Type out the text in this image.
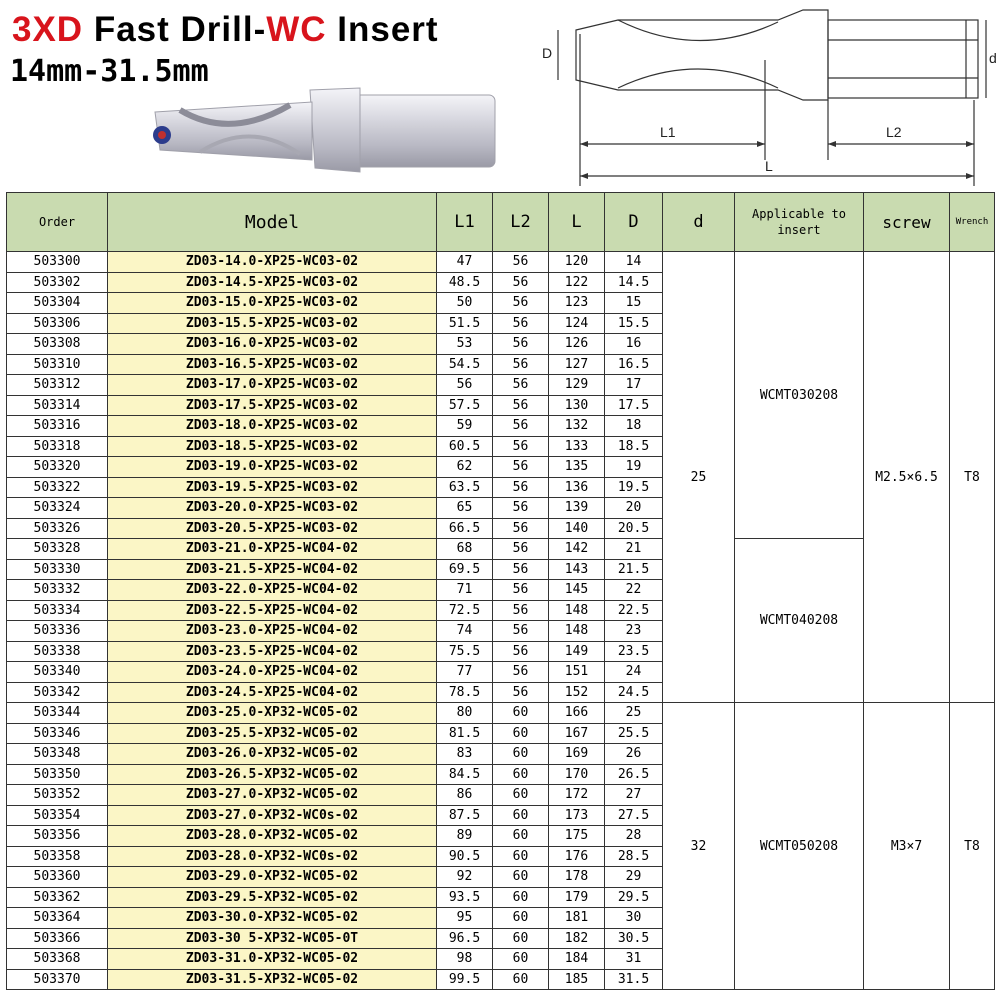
3XD Fast Drill-WC Insert
14mm-31.5mm
D	d
L1	L2
L
Order	Model	L1	L2	L	D	d	Applicable to
insert	screw	Wrench
503300	ZD03-14.0-XP25-WC03-02	47	56	120	14	25	WCMT030208	M2.5×6.5	T8
503302	ZD03-14.5-XP25-WC03-02	48.5	56	122	14.5				
503304	ZD03-15.0-XP25-WC03-02	50	56	123	15				
503306	ZD03-15.5-XP25-WC03-02	51.5	56	124	15.5				
503308	ZD03-16.0-XP25-WC03-02	53	56	126	16				
503310	ZD03-16.5-XP25-WC03-02	54.5	56	127	16.5				
503312	ZD03-17.0-XP25-WC03-02	56	56	129	17				
503314	ZD03-17.5-XP25-WC03-02	57.5	56	130	17.5				
503316	ZD03-18.0-XP25-WC03-02	59	56	132	18				
503318	ZD03-18.5-XP25-WC03-02	60.5	56	133	18.5				
503320	ZD03-19.0-XP25-WC03-02	62	56	135	19				
503322	ZD03-19.5-XP25-WC03-02	63.5	56	136	19.5				
503324	ZD03-20.0-XP25-WC03-02	65	56	139	20				
503326	ZD03-20.5-XP25-WC03-02	66.5	56	140	20.5				
503328	ZD03-21.0-XP25-WC04-02	68	56	142	21		WCMT040208		
503330	ZD03-21.5-XP25-WC04-02	69.5	56	143	21.5				
503332	ZD03-22.0-XP25-WC04-02	71	56	145	22				
503334	ZD03-22.5-XP25-WC04-02	72.5	56	148	22.5				
503336	ZD03-23.0-XP25-WC04-02	74	56	148	23				
503338	ZD03-23.5-XP25-WC04-02	75.5	56	149	23.5				
503340	ZD03-24.0-XP25-WC04-02	77	56	151	24				
503342	ZD03-24.5-XP25-WC04-02	78.5	56	152	24.5				
503344	ZD03-25.0-XP32-WC05-02	80	60	166	25	32	WCMT050208	M3×7	T8
503346	ZD03-25.5-XP32-WC05-02	81.5	60	167	25.5				
503348	ZD03-26.0-XP32-WC05-02	83	60	169	26				
503350	ZD03-26.5-XP32-WC05-02	84.5	60	170	26.5				
503352	ZD03-27.0-XP32-WC05-02	86	60	172	27				
503354	ZD03-27.0-XP32-WC0s-02	87.5	60	173	27.5				
503356	ZD03-28.0-XP32-WC05-02	89	60	175	28				
503358	ZD03-28.0-XP32-WC0s-02	90.5	60	176	28.5				
503360	ZD03-29.0-XP32-WC05-02	92	60	178	29				
503362	ZD03-29.5-XP32-WC05-02	93.5	60	179	29.5				
503364	ZD03-30.0-XP32-WC05-02	95	60	181	30				
503366	ZD03-30 5-XP32-WC05-0T	96.5	60	182	30.5				
503368	ZD03-31.0-XP32-WC05-02	98	60	184	31				
503370	ZD03-31.5-XP32-WC05-02	99.5	60	185	31.5				
